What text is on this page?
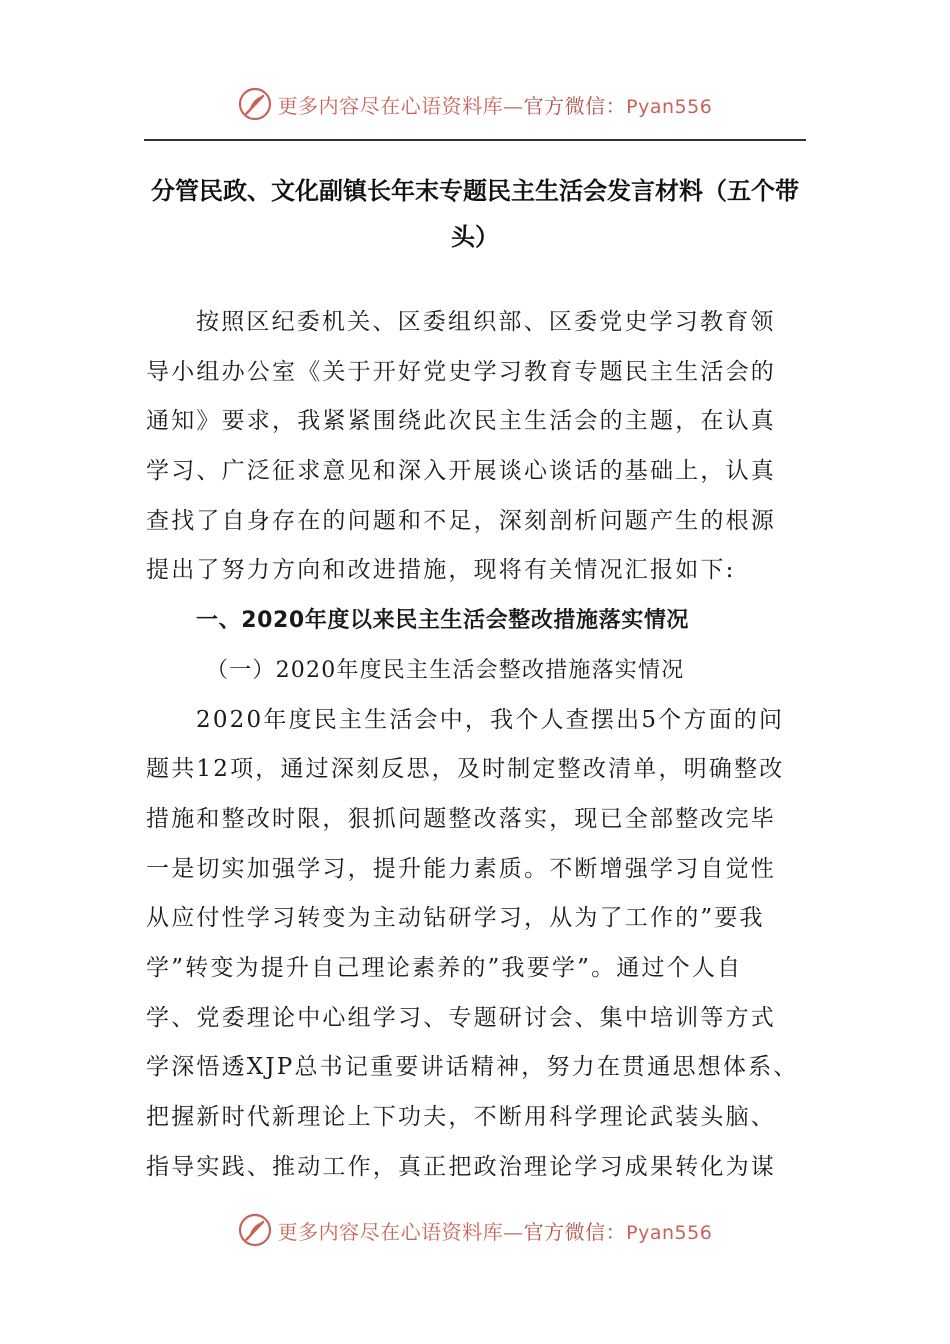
更多内容尽在心语资料库—官方微信：Pyan556
分管民政、文化副镇长年末专题民主生活会发言材料（五个带头）
按照区纪委机关、区委组织部、区委党史学习教育领
导小组办公室《关于开好党史学习教育专题民主生活会的
通知》要求，我紧紧围绕此次民主生活会的主题，在认真
学习、广泛征求意见和深入开展谈心谈话的基础上，认真
查找了自身存在的问题和不足，深刻剖析问题产生的根源
提出了努力方向和改进措施，现将有关情况汇报如下:
一、2020年度以来民主生活会整改措施落实情况
（一）2020年度民主生活会整改措施落实情况
2020年度民主生活会中，我个人查摆出5个方面的问
题共12项，通过深刻反思，及时制定整改清单，明确整改
措施和整改时限，狠抓问题整改落实，现已全部整改完毕
一是切实加强学习，提升能力素质。不断增强学习自觉性
从应付性学习转变为主动钻研学习，从为了工作的”要我
学”转变为提升自己理论素养的”我要学”。通过个人自
学、党委理论中心组学习、专题研讨会、集中培训等方式
学深悟透XJP总书记重要讲话精神，努力在贯通思想体系、
把握新时代新理论上下功夫，不断用科学理论武装头脑、
指导实践、推动工作，真正把政治理论学习成果转化为谋
更多内容尽在心语资料库—官方微信：Pyan556
